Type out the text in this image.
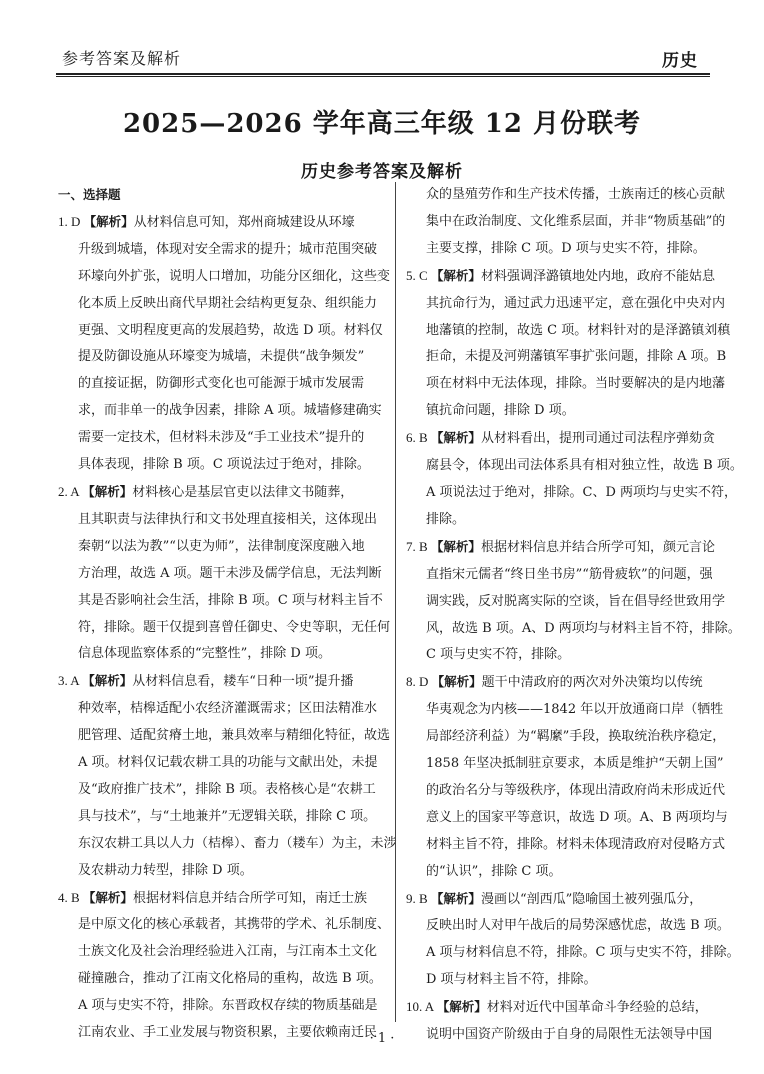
参考答案及解析	历史
2025—2026 学年高三年级 12 月份联考
历史参考答案及解析
一、选择题
1. D 【解析】从材料信息可知，郑州商城建设从环壕
升级到城墙，体现对安全需求的提升；城市范围突破
环壕向外扩张，说明人口增加，功能分区细化，这些变
化本质上反映出商代早期社会结构更复杂、组织能力
更强、文明程度更高的发展趋势，故选 D 项。材料仅
提及防御设施从环壕变为城墙，未提供“战争频发”
的直接证据，防御形式变化也可能源于城市发展需
求，而非单一的战争因素，排除 A 项。城墙修建确实
需要一定技术，但材料未涉及“手工业技术”提升的
具体表现，排除 B 项。C 项说法过于绝对，排除。
2. A 【解析】材料核心是基层官吏以法律文书随葬，
且其职责与法律执行和文书处理直接相关，这体现出
秦朝“以法为教”“以吏为师”，法律制度深度融入地
方治理，故选 A 项。题干未涉及儒学信息，无法判断
其是否影响社会生活，排除 B 项。C 项与材料主旨不
符，排除。题干仅提到喜曾任御史、令史等职，无任何
信息体现监察体系的“完整性”，排除 D 项。
3. A 【解析】从材料信息看，耧车“日种一顷”提升播
种效率，桔槔适配小农经济灌溉需求；区田法精准水
肥管理、适配贫瘠土地，兼具效率与精细化特征，故选
A 项。材料仅记载农耕工具的功能与文献出处，未提
及“政府推广技术”，排除 B 项。表格核心是“农耕工
具与技术”，与“土地兼并”无逻辑关联，排除 C 项。
东汉农耕工具以人力（桔槔）、畜力（耧车）为主，未涉
及农耕动力转型，排除 D 项。
4. B 【解析】根据材料信息并结合所学可知，南迁士族
是中原文化的核心承载者，其携带的学术、礼乐制度、
士族文化及社会治理经验进入江南，与江南本土文化
碰撞融合，推动了江南文化格局的重构，故选 B 项。
A 项与史实不符，排除。东晋政权存续的物质基础是
江南农业、手工业发展与物资积累，主要依赖南迁民
众的垦殖劳作和生产技术传播，士族南迁的核心贡献
集中在政治制度、文化维系层面，并非“物质基础”的
主要支撑，排除 C 项。D 项与史实不符，排除。
5. C 【解析】材料强调泽潞镇地处内地，政府不能姑息
其抗命行为，通过武力迅速平定，意在强化中央对内
地藩镇的控制，故选 C 项。材料针对的是泽潞镇刘稹
拒命，未提及河朔藩镇军事扩张问题，排除 A 项。B
项在材料中无法体现，排除。当时要解决的是内地藩
镇抗命问题，排除 D 项。
6. B 【解析】从材料看出，提刑司通过司法程序弹劾贪
腐县令，体现出司法体系具有相对独立性，故选 B 项。
A 项说法过于绝对，排除。C、D 两项均与史实不符，
排除。
7. B 【解析】根据材料信息并结合所学可知，颜元言论
直指宋元儒者“终日坐书房”“筋骨疲软”的问题，强
调实践，反对脱离实际的空谈，旨在倡导经世致用学
风，故选 B 项。A、D 两项均与材料主旨不符，排除。
C 项与史实不符，排除。
8. D 【解析】题干中清政府的两次对外决策均以传统
华夷观念为内核——1842 年以开放通商口岸（牺牲
局部经济利益）为“羁縻”手段，换取统治秩序稳定，
1858 年坚决抵制驻京要求，本质是维护“天朝上国”
的政治名分与等级秩序，体现出清政府尚未形成近代
意义上的国家平等意识，故选 D 项。A、B 两项均与
材料主旨不符，排除。材料未体现清政府对侵略方式
的“认识”，排除 C 项。
9. B 【解析】漫画以“剖西瓜”隐喻国土被列强瓜分，
反映出时人对甲午战后的局势深感忧虑，故选 B 项。
A 项与材料信息不符，排除。C 项与史实不符，排除。
D 项与材料主旨不符，排除。
10. A 【解析】材料对近代中国革命斗争经验的总结，
说明中国资产阶级由于自身的局限性无法领导中国
· 1 ·
